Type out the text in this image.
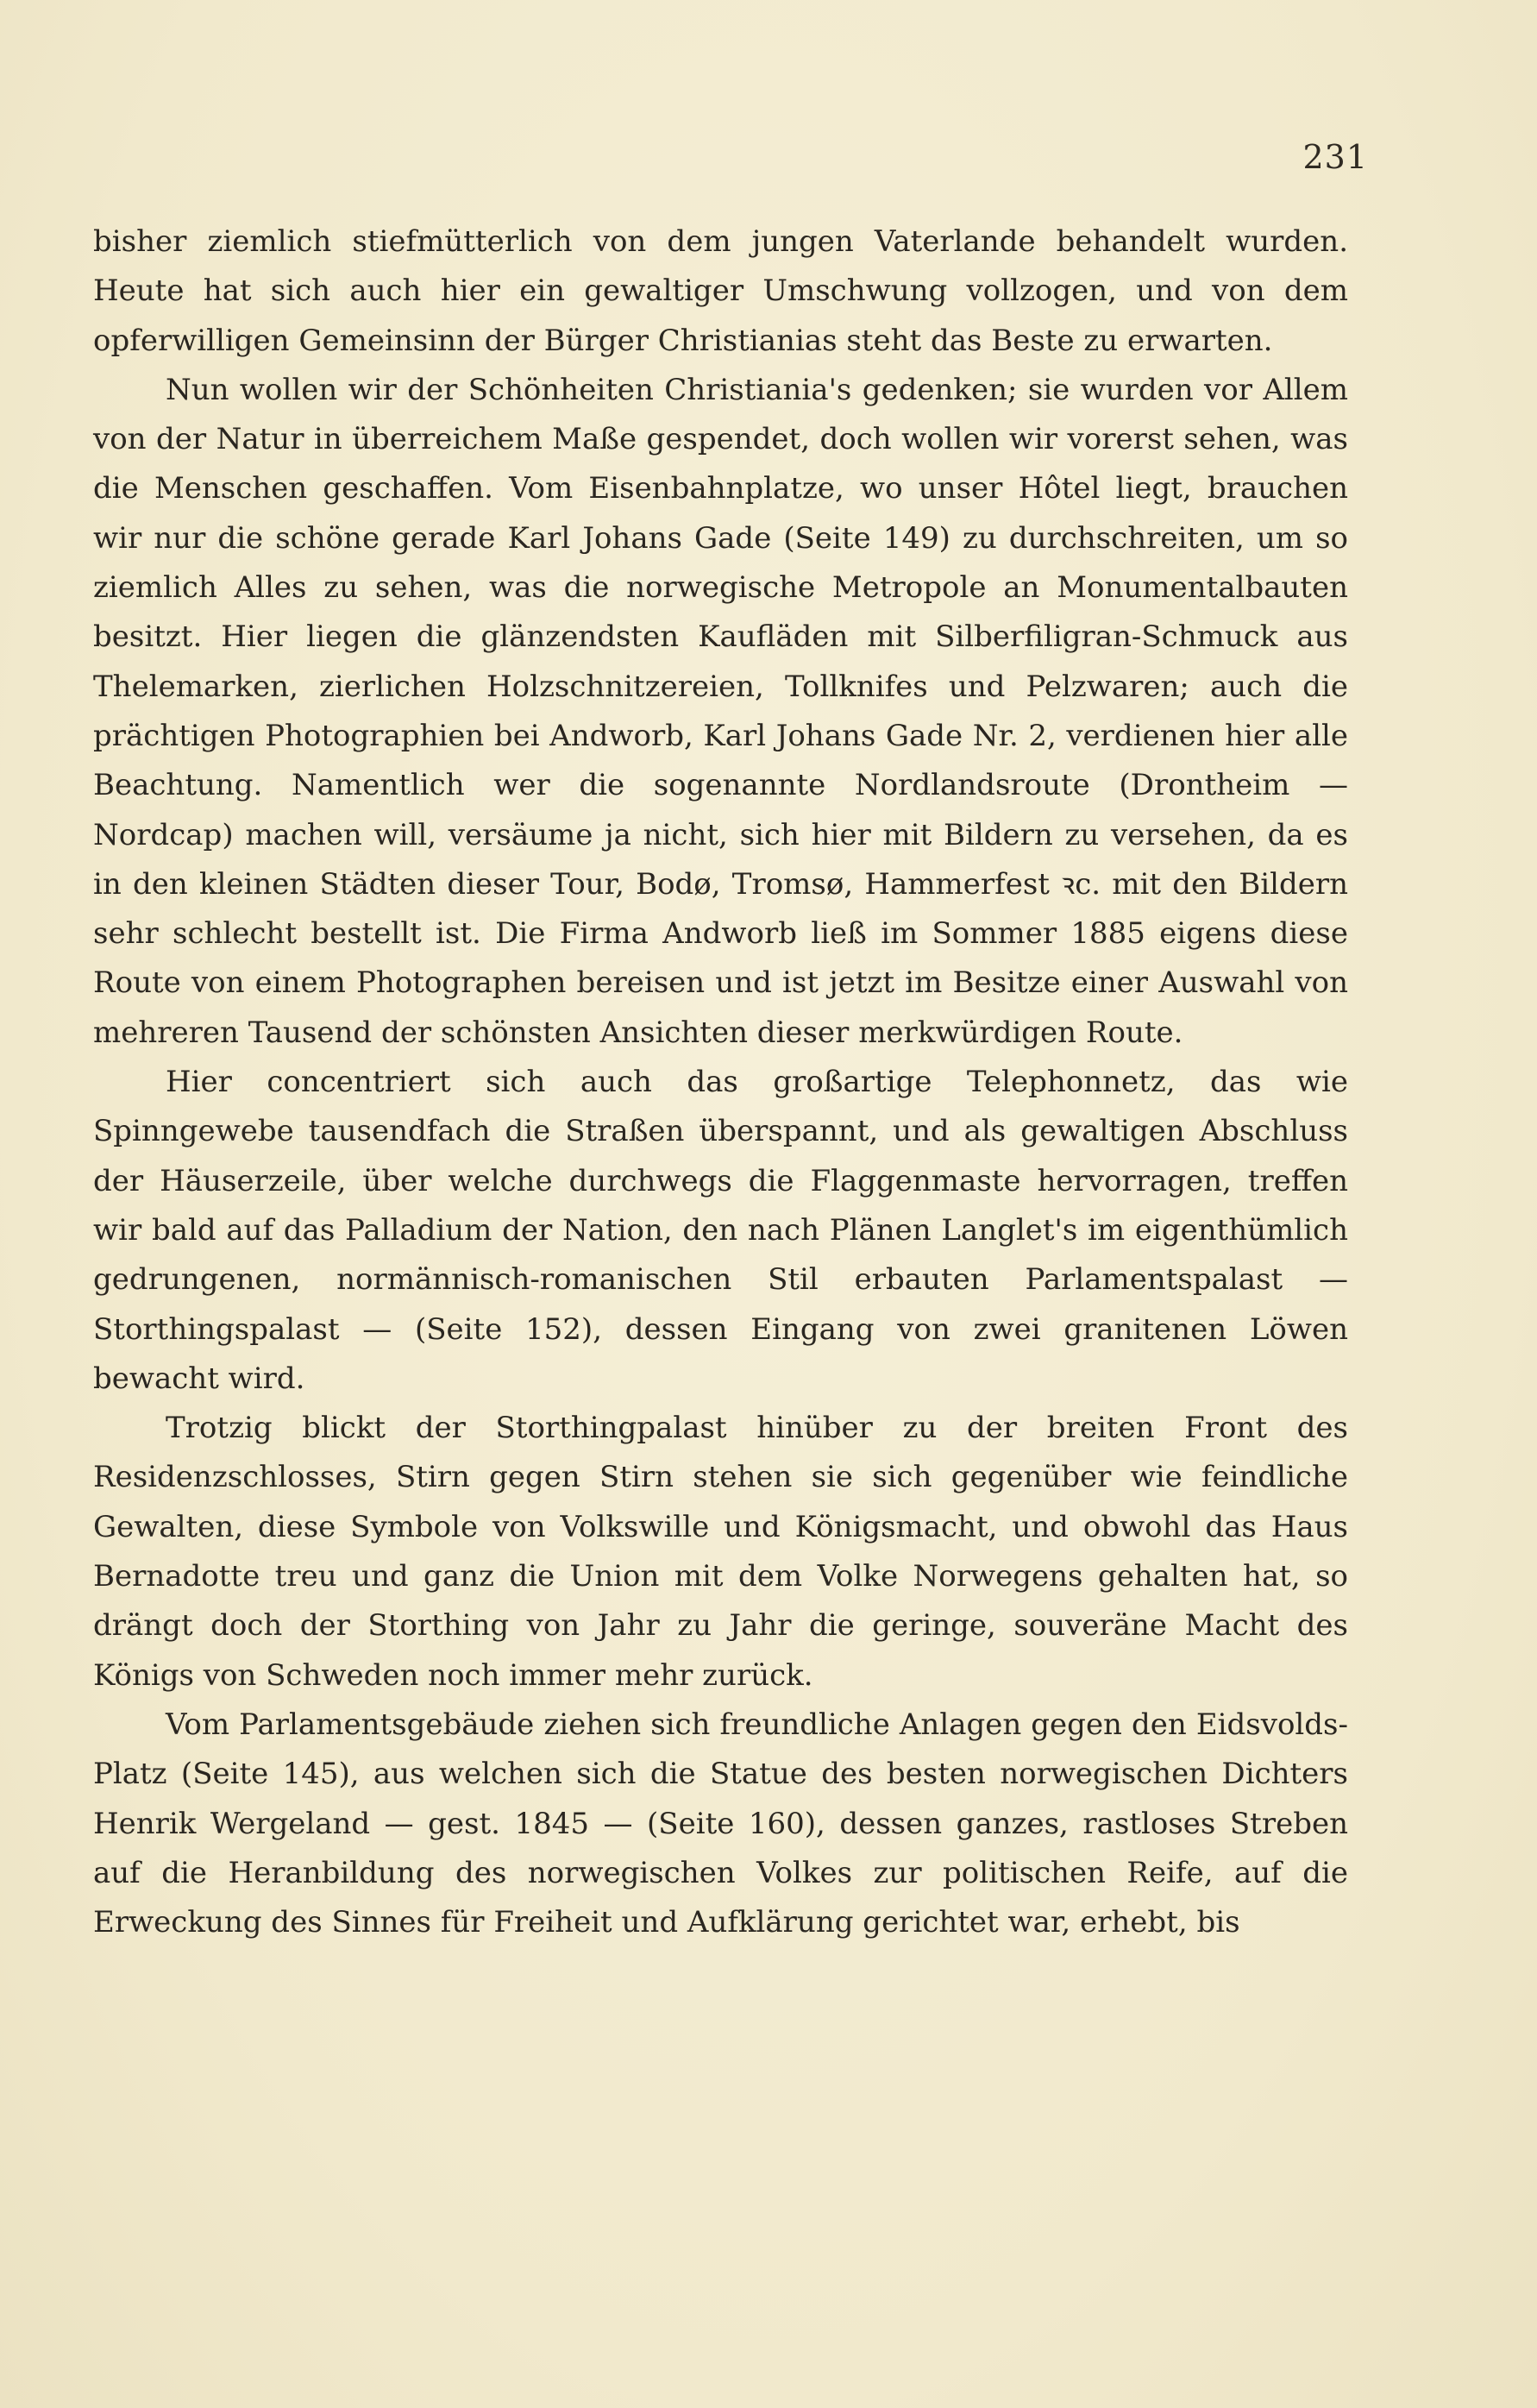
231

bisher ziemlich stiefmütterlich von dem jungen Vaterlande behandelt wurden. Heute hat sich auch hier ein gewaltiger Umschwung vollzogen, und von dem opferwilligen Gemeinsinn der Bürger Christianias steht das Beste zu erwarten.

Nun wollen wir der Schönheiten Christiania's gedenken; sie wurden vor Allem von der Natur in überreichem Maße gespendet, doch wollen wir vorerst sehen, was die Menschen geschaffen. Vom Eisenbahnplatze, wo unser Hôtel liegt, brauchen wir nur die schöne gerade Karl Johans Gade (Seite 149) zu durchschreiten, um so ziemlich Alles zu sehen, was die norwegische Metropole an Monumentalbauten besitzt. Hier liegen die glänzendsten Kaufläden mit Silberfiligran-Schmuck aus Thelemarken, zierlichen Holzschnitzereien, Tollknifes und Pelzwaren; auch die prächtigen Photographien bei Andworb, Karl Johans Gade Nr. 2, verdienen hier alle Beachtung. Namentlich wer die sogenannte Nordlandsroute (Drontheim — Nordcap) machen will, versäume ja nicht, sich hier mit Bildern zu versehen, da es in den kleinen Städten dieser Tour, Bodø, Tromsø, Hammerfest ꝛc. mit den Bildern sehr schlecht bestellt ist. Die Firma Andworb ließ im Sommer 1885 eigens diese Route von einem Photographen bereisen und ist jetzt im Besitze einer Auswahl von mehreren Tausend der schönsten Ansichten dieser merkwürdigen Route.

Hier concentriert sich auch das großartige Telephonnetz, das wie Spinngewebe tausendfach die Straßen überspannt, und als gewaltigen Abschluss der Häuserzeile, über welche durchwegs die Flaggenmaste hervorragen, treffen wir bald auf das Palladium der Nation, den nach Plänen Langlet's im eigenthümlich gedrungenen, normännisch-romanischen Stil erbauten Parlamentspalast — Storthingspalast — (Seite 152), dessen Eingang von zwei granitenen Löwen bewacht wird.

Trotzig blickt der Storthingpalast hinüber zu der breiten Front des Residenzschlosses, Stirn gegen Stirn stehen sie sich gegenüber wie feindliche Gewalten, diese Symbole von Volkswille und Königsmacht, und obwohl das Haus Bernadotte treu und ganz die Union mit dem Volke Norwegens gehalten hat, so drängt doch der Storthing von Jahr zu Jahr die geringe, souveräne Macht des Königs von Schweden noch immer mehr zurück.

Vom Parlamentsgebäude ziehen sich freundliche Anlagen gegen den Eidsvolds-Platz (Seite 145), aus welchen sich die Statue des besten norwegischen Dichters Henrik Wergeland — gest. 1845 — (Seite 160), dessen ganzes, rastloses Streben auf die Heranbildung des norwegischen Volkes zur politischen Reife, auf die Erweckung des Sinnes für Freiheit und Aufklärung gerichtet war, erhebt, bis
